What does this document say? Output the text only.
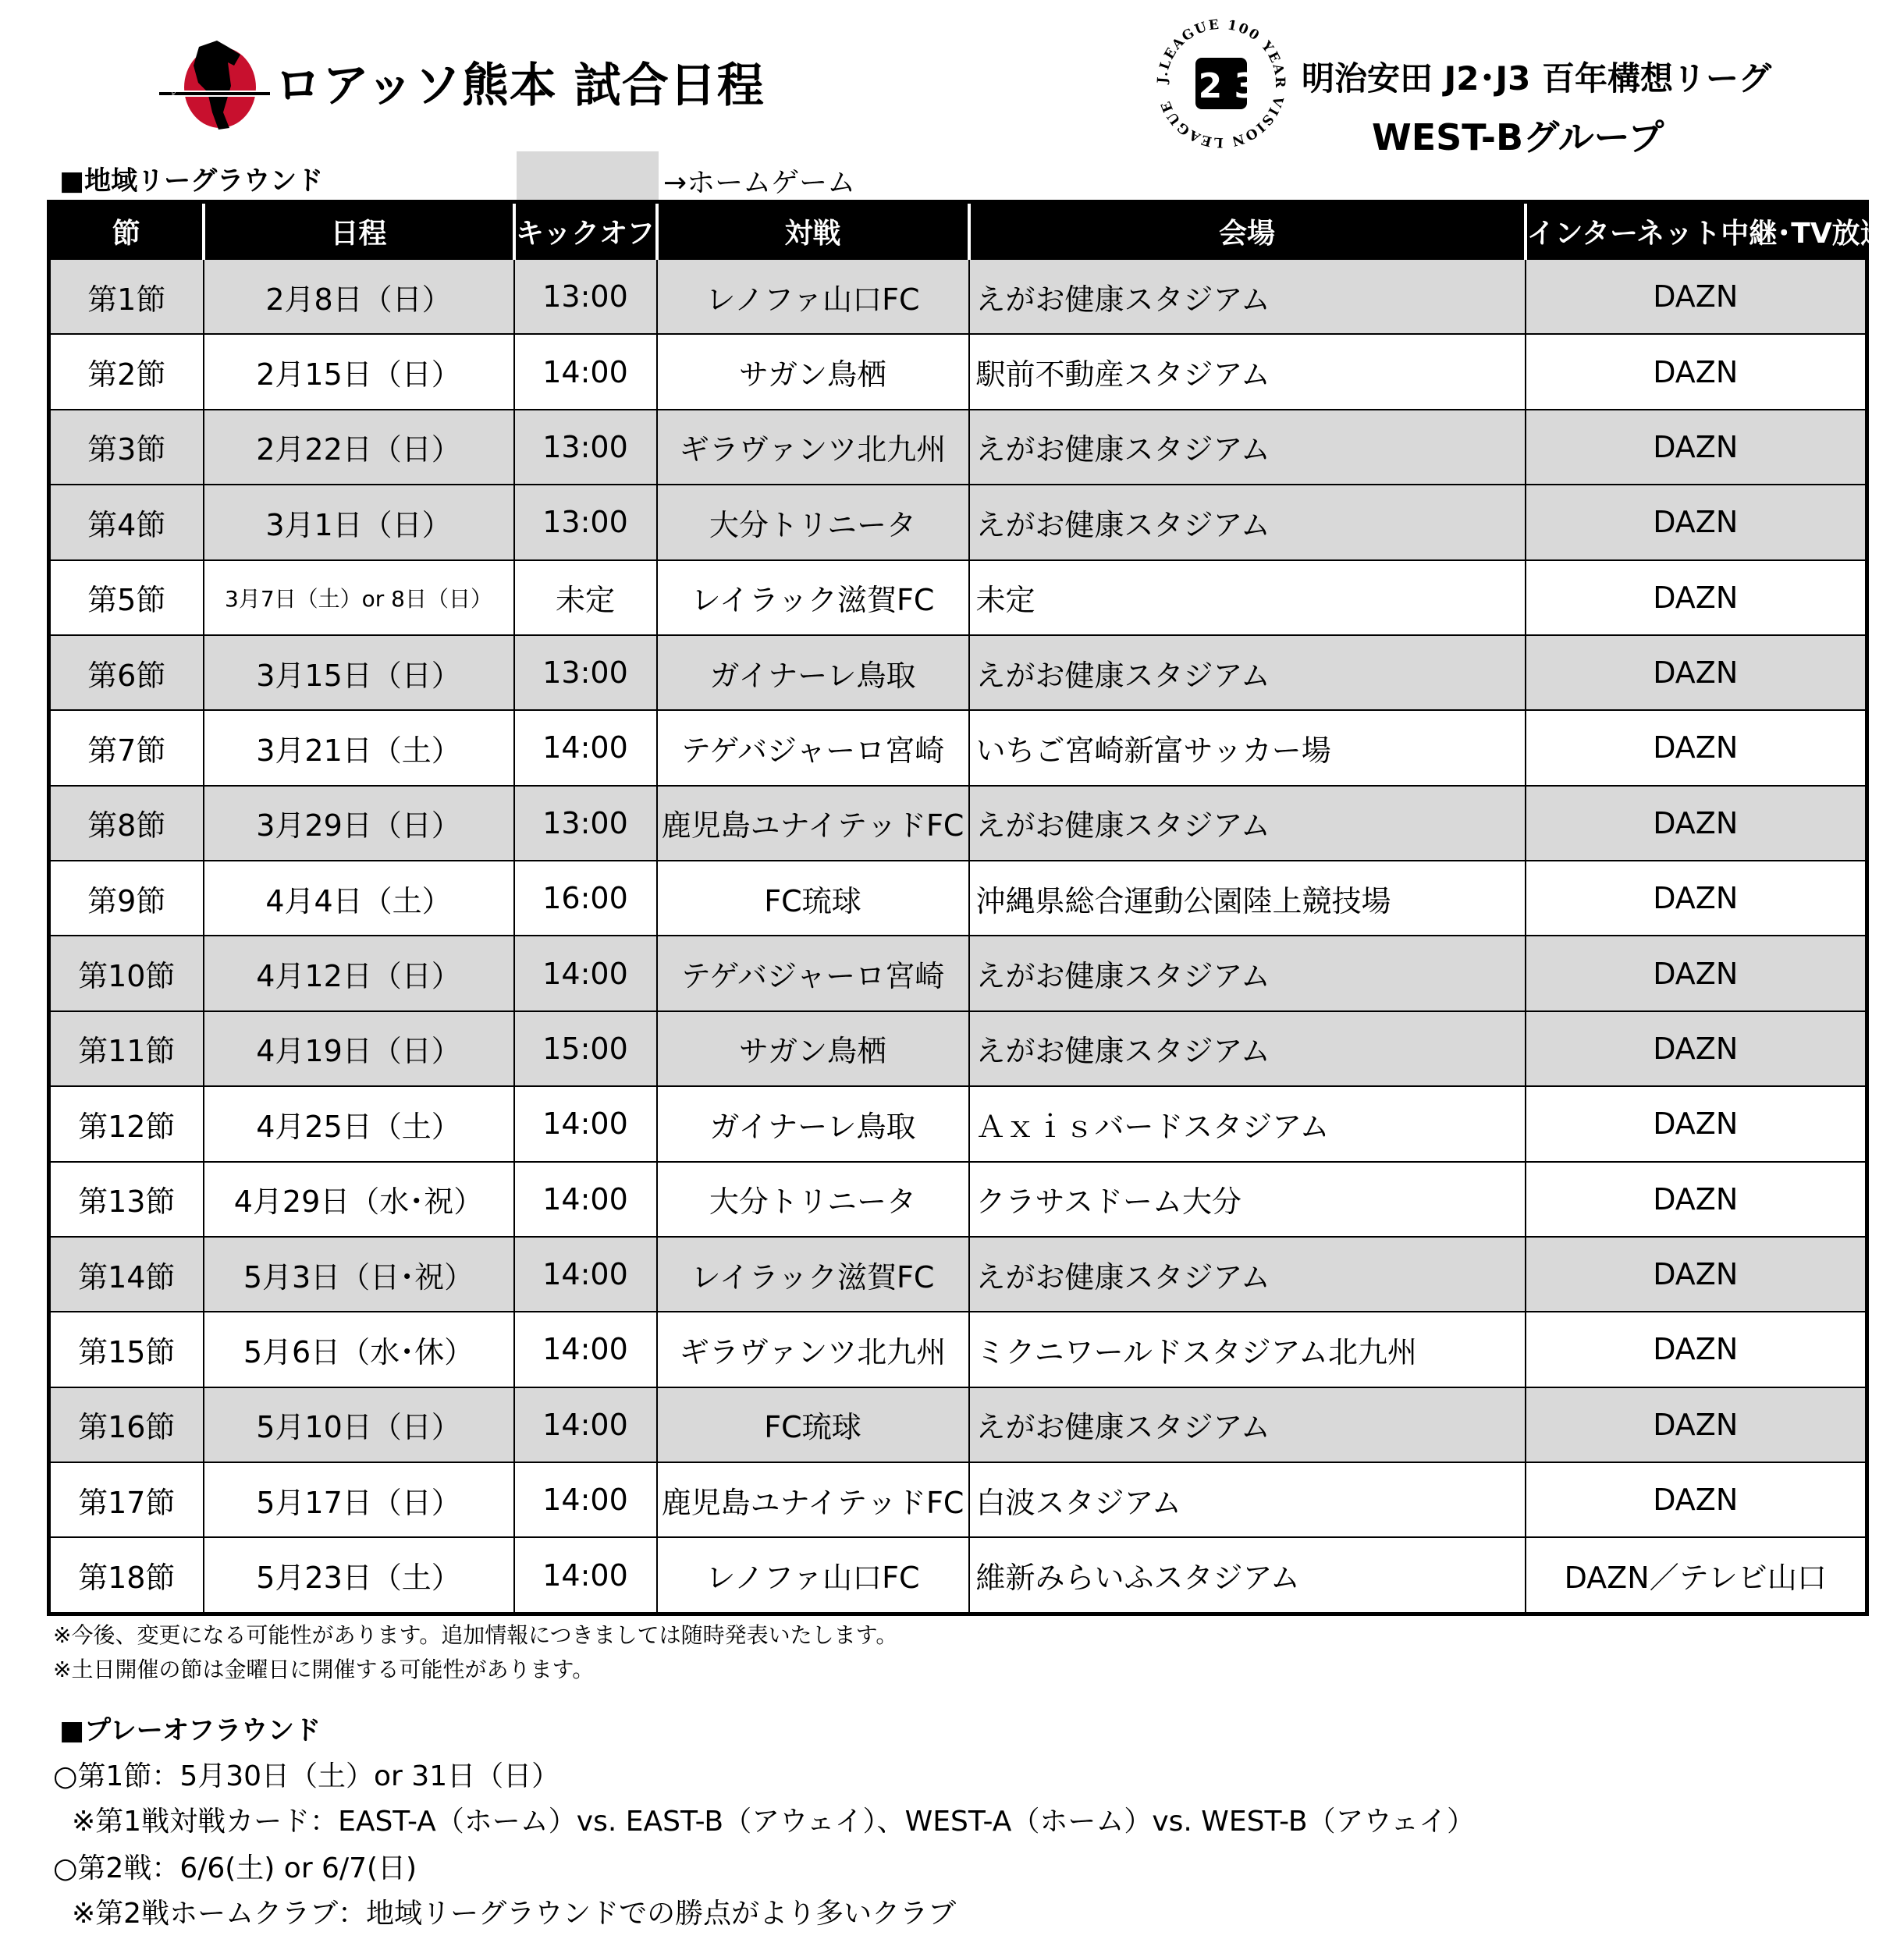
ROASSO KUMAMOTO ロアッソ熊本 試合日程	J.LEAGUE 100 YEAR VISION LEAGUE
J 2 3 明治安田 J2･J3 百年構想リーグ
WEST-Bグループ
■地域リーグラウンド	→ホームゲーム
節	日程	キックオフ	対戦	会場	インターネット中継･TV放送
第1節	2月8日（日）	13:00	レノファ山口FC	えがお健康スタジアム	DAZN
第2節	2月15日（日）	14:00	サガン鳥栖	駅前不動産スタジアム	DAZN
第3節	2月22日（日）	13:00	ギラヴァンツ北九州	えがお健康スタジアム	DAZN
第4節	3月1日（日）	13:00	大分トリニータ	えがお健康スタジアム	DAZN
第5節	3月7日（土）or 8日（日）	未定	レイラック滋賀FC	未定	DAZN
第6節	3月15日（日）	13:00	ガイナーレ鳥取	えがお健康スタジアム	DAZN
第7節	3月21日（土）	14:00	テゲバジャーロ宮崎	いちご宮崎新富サッカー場	DAZN
第8節	3月29日（日）	13:00	鹿児島ユナイテッドFC	えがお健康スタジアム	DAZN
第9節	4月4日（土）	16:00	FC琉球	沖縄県総合運動公園陸上競技場	DAZN
第10節	4月12日（日）	14:00	テゲバジャーロ宮崎	えがお健康スタジアム	DAZN
第11節	4月19日（日）	15:00	サガン鳥栖	えがお健康スタジアム	DAZN
第12節	4月25日（土）	14:00	ガイナーレ鳥取	Ａｘｉｓバードスタジアム	DAZN
第13節	4月29日（水･祝）	14:00	大分トリニータ	クラサスドーム大分	DAZN
第14節	5月3日（日･祝）	14:00	レイラック滋賀FC	えがお健康スタジアム	DAZN
第15節	5月6日（水･休）	14:00	ギラヴァンツ北九州	ミクニワールドスタジアム北九州	DAZN
第16節	5月10日（日）	14:00	FC琉球	えがお健康スタジアム	DAZN
第17節	5月17日（日）	14:00	鹿児島ユナイテッドFC	白波スタジアム	DAZN
第18節	5月23日（土）	14:00	レノファ山口FC	維新みらいふスタジアム	DAZN／テレビ山口
※今後、変更になる可能性があります。追加情報につきましては随時発表いたします。
※土日開催の節は金曜日に開催する可能性があります。
■プレーオフラウンド
○第1節：5月30日（土）or 31日（日）
※第1戦対戦カード：EAST-A（ホーム）vs. EAST-B（アウェイ）、WEST-A（ホーム）vs. WEST-B（アウェイ）
○第2戦：6/6(土) or 6/7(日)
※第2戦ホームクラブ：地域リーグラウンドでの勝点がより多いクラブ
